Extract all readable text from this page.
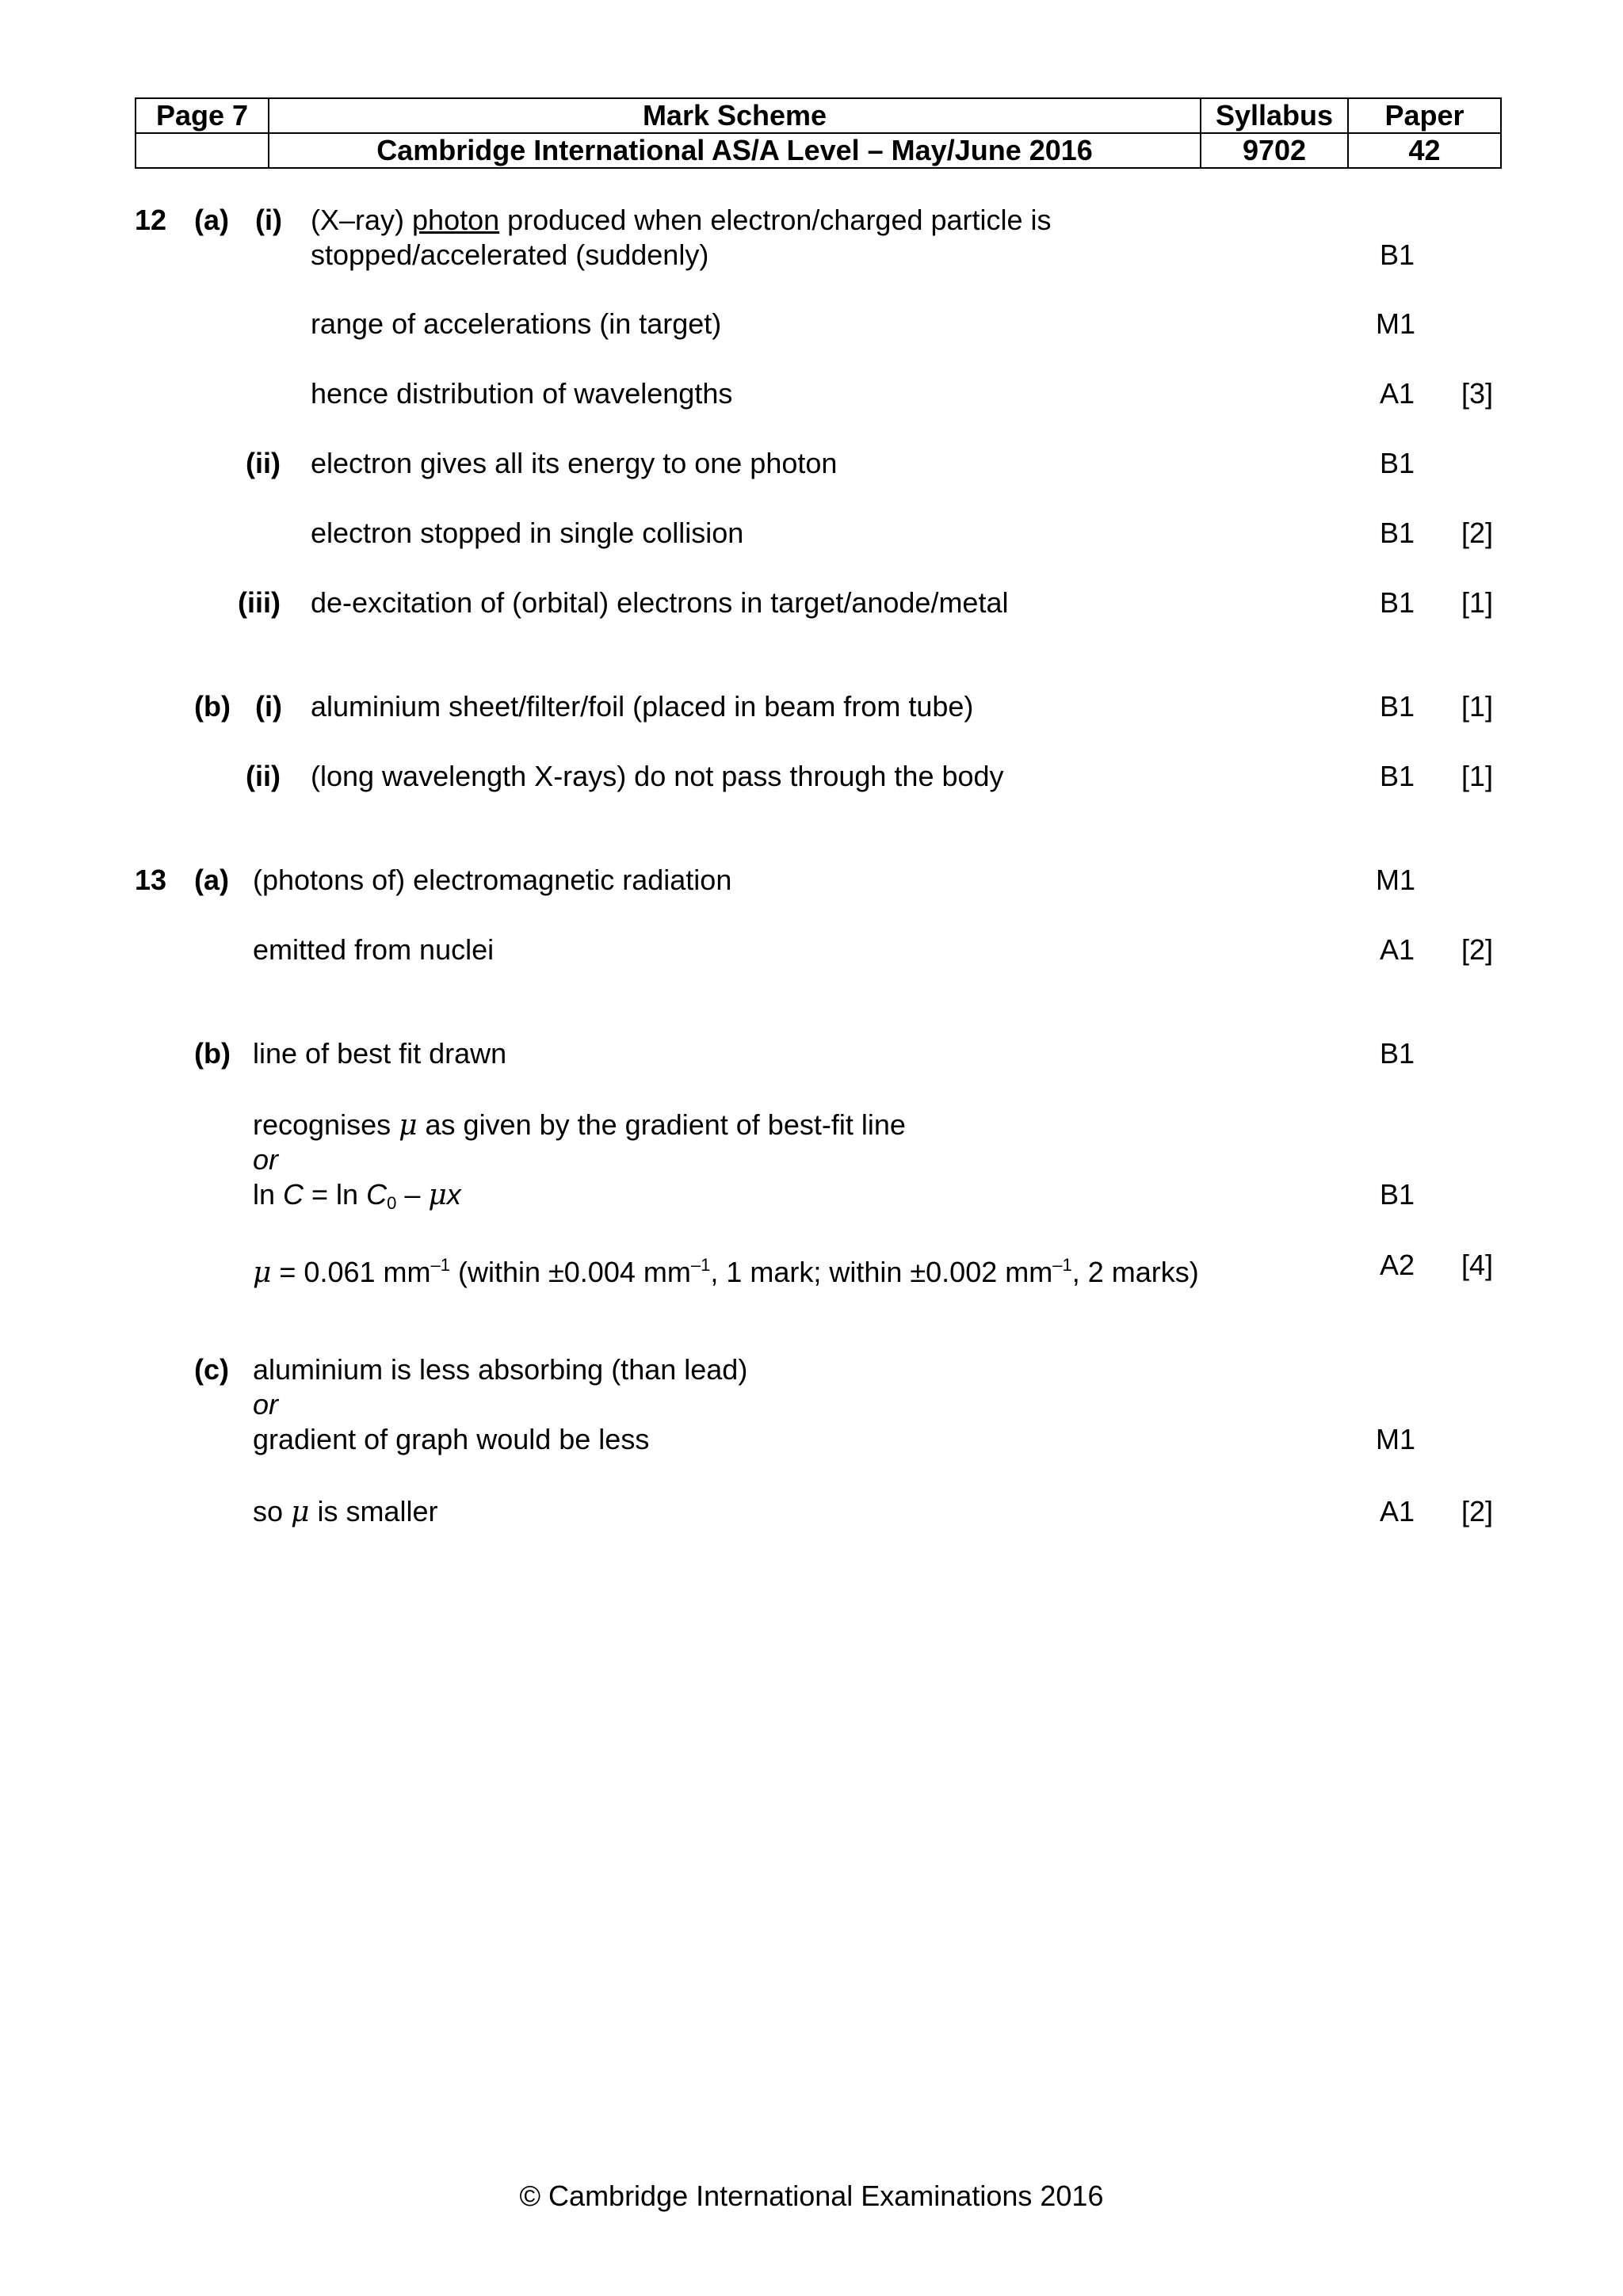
Page 7	Mark Scheme	Syllabus	Paper
	Cambridge International AS/A Level – May/June 2016	9702	42
12 (a) (i) (X–ray) photon produced when electron/charged particle is
stopped/accelerated (suddenly)	B1
range of accelerations (in target)	M1
hence distribution of wavelengths	A1 [3]
(ii) electron gives all its energy to one photon	B1
electron stopped in single collision	B1 [2]
(iii) de-excitation of (orbital) electrons in target/anode/metal	B1 [1]
(b) (i) aluminium sheet/filter/foil (placed in beam from tube)	B1 [1]
(ii) (long wavelength X-rays) do not pass through the body	B1 [1]
13 (a) (photons of) electromagnetic radiation	M1
emitted from nuclei	A1 [2]
(b) line of best fit drawn	B1
recognises μ as given by the gradient of best-fit line
or
$\ln C = \ln C_0 - \mu x$	B1
μ = 0.061 $mm^{-1}$ (within ±0.004 $mm^{-1}$, 1 mark; within ±0.002 $mm^{-1}$, 2 marks)	A2 [4]
(c) aluminium is less absorbing (than lead)
or
gradient of graph would be less	M1
so μ is smaller	A1 [2]
© Cambridge International Examinations 2016
